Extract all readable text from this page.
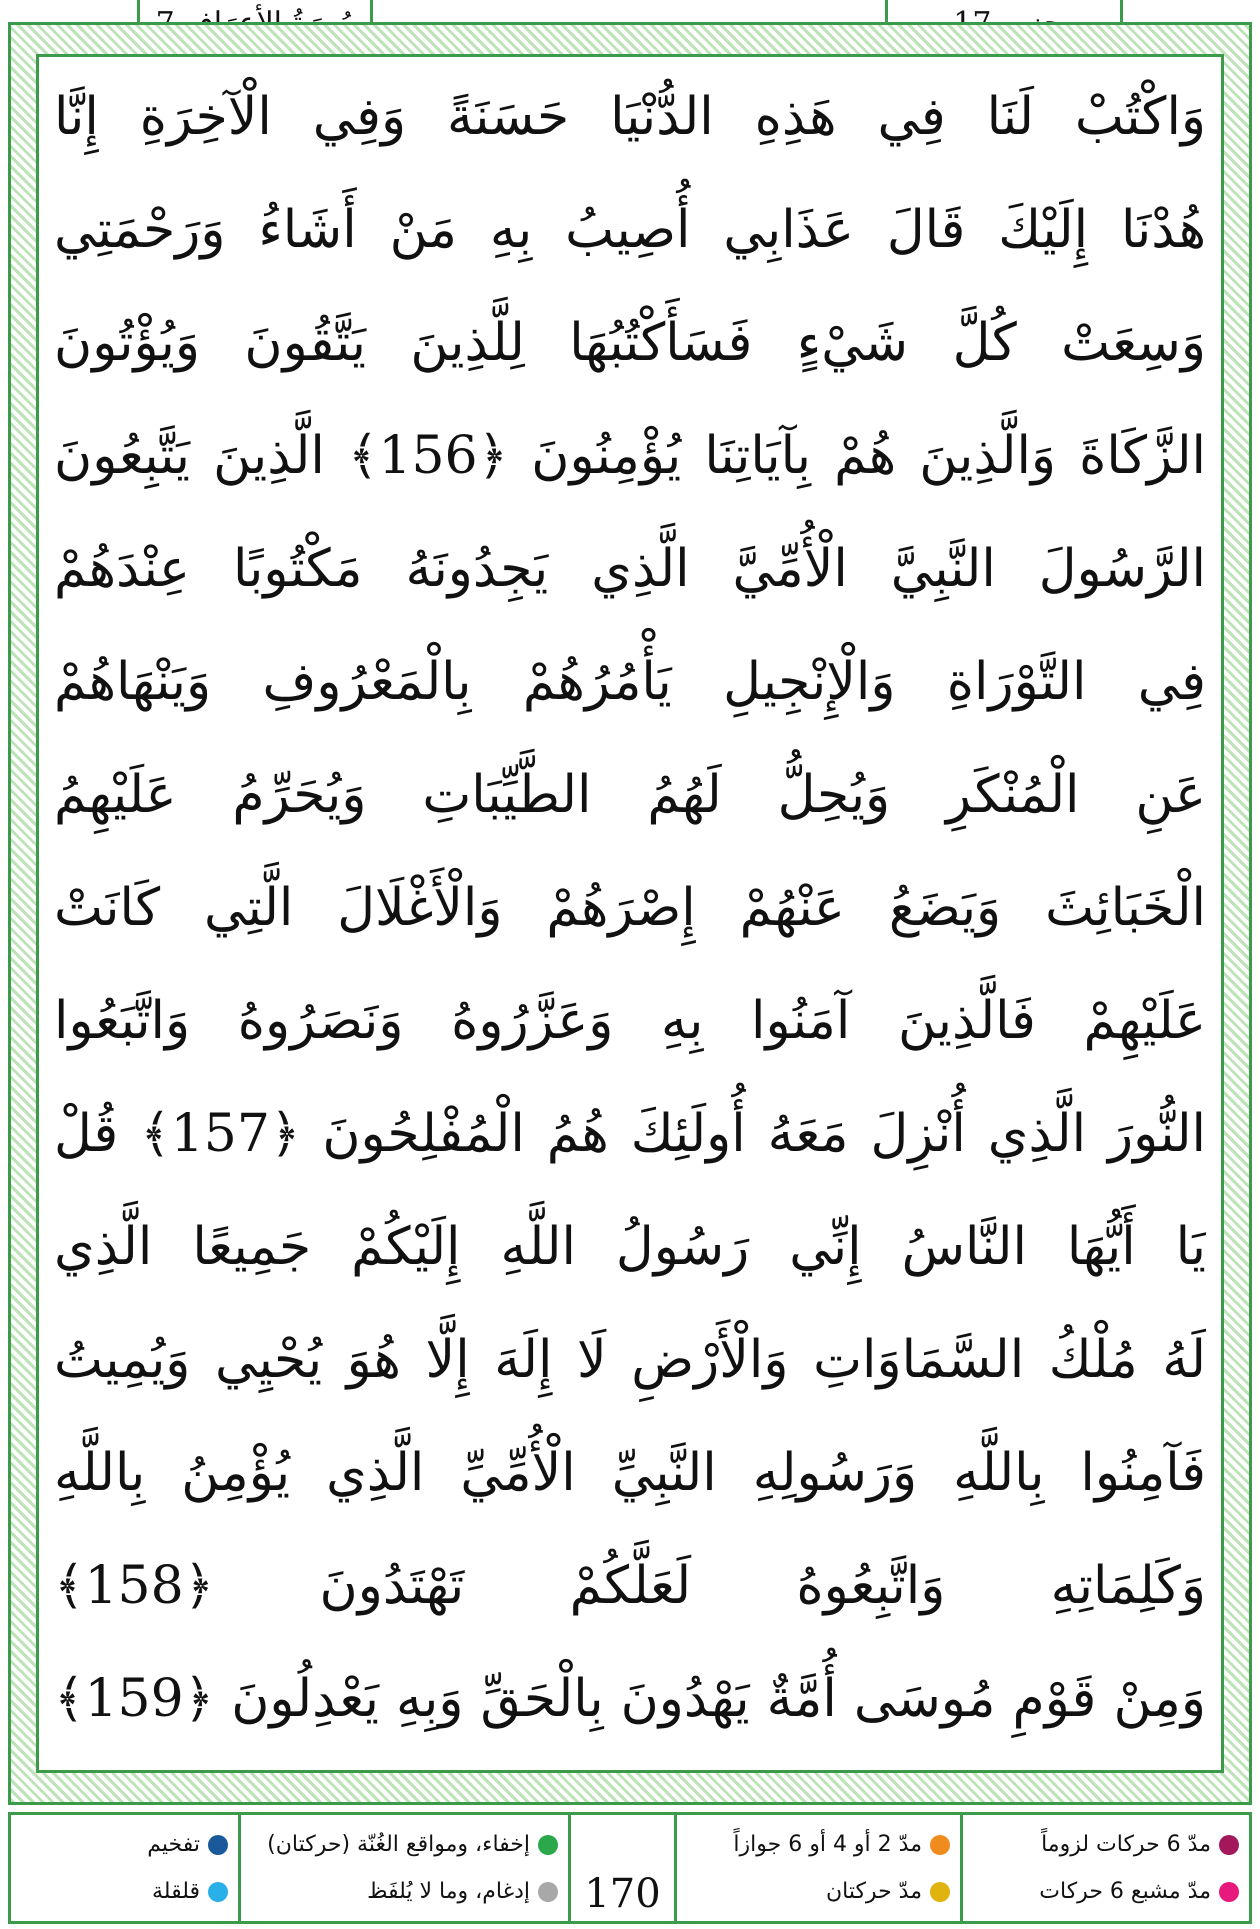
وَاكْتُبْ لَنَا فِي هَذِهِ الدُّنْيَا حَسَنَةً وَفِي الْآخِرَةِ إِنَّا
هُدْنَا إِلَيْكَ قَالَ عَذَابِي أُصِيبُ بِهِ مَنْ أَشَاءُ وَرَحْمَتِي
وَسِعَتْ كُلَّ شَيْءٍ فَسَأَكْتُبُهَا لِلَّذِينَ يَتَّقُونَ وَيُؤْتُونَ
الزَّكَاةَ وَالَّذِينَ هُمْ بِآيَاتِنَا يُؤْمِنُونَ ﴿156﴾ الَّذِينَ يَتَّبِعُونَ
الرَّسُولَ النَّبِيَّ الْأُمِّيَّ الَّذِي يَجِدُونَهُ مَكْتُوبًا عِنْدَهُمْ
فِي التَّوْرَاةِ وَالْإِنْجِيلِ يَأْمُرُهُمْ بِالْمَعْرُوفِ وَيَنْهَاهُمْ
عَنِ الْمُنْكَرِ وَيُحِلُّ لَهُمُ الطَّيِّبَاتِ وَيُحَرِّمُ عَلَيْهِمُ
الْخَبَائِثَ وَيَضَعُ عَنْهُمْ إِصْرَهُمْ وَالْأَغْلَالَ الَّتِي كَانَتْ
عَلَيْهِمْ فَالَّذِينَ آمَنُوا بِهِ وَعَزَّرُوهُ وَنَصَرُوهُ وَاتَّبَعُوا
النُّورَ الَّذِي أُنْزِلَ مَعَهُ أُولَئِكَ هُمُ الْمُفْلِحُونَ ﴿157﴾ قُلْ
يَا أَيُّهَا النَّاسُ إِنِّي رَسُولُ اللَّهِ إِلَيْكُمْ جَمِيعًا الَّذِي
لَهُ مُلْكُ السَّمَاوَاتِ وَالْأَرْضِ لَا إِلَهَ إِلَّا هُوَ يُحْيِي وَيُمِيتُ
فَآمِنُوا بِاللَّهِ وَرَسُولِهِ النَّبِيِّ الْأُمِّيِّ الَّذِي يُؤْمِنُ بِاللَّهِ
وَكَلِمَاتِهِ وَاتَّبِعُوهُ لَعَلَّكُمْ تَهْتَدُونَ ﴿158﴾
وَمِنْ قَوْمِ مُوسَى أُمَّةٌ يَهْدُونَ بِالْحَقِّ وَبِهِ يَعْدِلُونَ ﴿159﴾
تفخيم
قلقلة
إخفاء، ومواقع الغُنّة (حركتان)
إدغام، وما لا يُلفَظ	170
مدّ 2 أو 4 أو 6 جوازاً
مدّ حركتان
مدّ 6 حركات لزوماً
مدّ مشبع 6 حركات
